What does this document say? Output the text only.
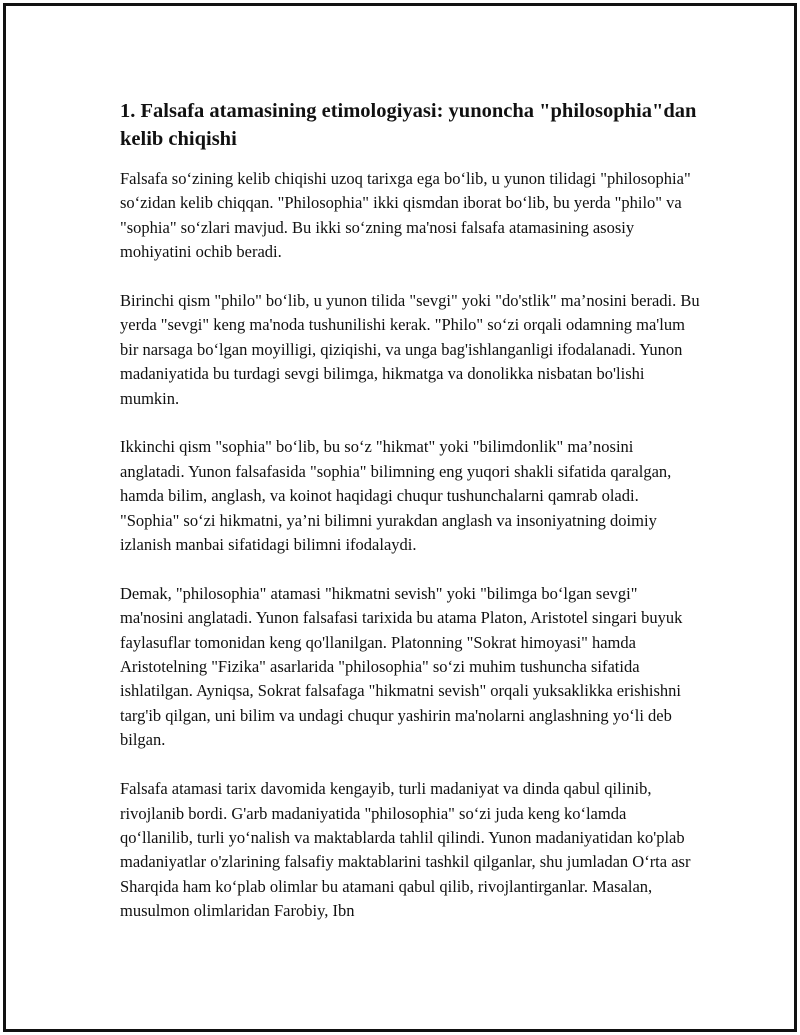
1. Falsafa atamasining etimologiyasi: yunoncha "philosophia"dan kelib chiqishi

Falsafa so‘zining kelib chiqishi uzoq tarixga ega bo‘lib, u yunon tilidagi "philosophia" so‘zidan kelib chiqqan. "Philosophia" ikki qismdan iborat bo‘lib, bu yerda "philo" va "sophia" so‘zlari mavjud. Bu ikki so‘zning ma'nosi falsafa atamasining asosiy mohiyatini ochib beradi.

Birinchi qism "philo" bo‘lib, u yunon tilida "sevgi" yoki "do'stlik" ma’nosini beradi. Bu yerda "sevgi" keng ma'noda tushunilishi kerak. "Philo" so‘zi orqali odamning ma'lum bir narsaga bo‘lgan moyilligi, qiziqishi, va unga bag'ishlanganligi ifodalanadi. Yunon madaniyatida bu turdagi sevgi bilimga, hikmatga va donolikka nisbatan bo'lishi mumkin.

Ikkinchi qism "sophia" bo‘lib, bu so‘z "hikmat" yoki "bilimdonlik" ma’nosini anglatadi. Yunon falsafasida "sophia" bilimning eng yuqori shakli sifatida qaralgan, hamda bilim, anglash, va koinot haqidagi chuqur tushunchalarni qamrab oladi. "Sophia" so‘zi hikmatni, ya’ni bilimni yurakdan anglash va insoniyatning doimiy izlanish manbai sifatidagi bilimni ifodalaydi.

Demak, "philosophia" atamasi "hikmatni sevish" yoki "bilimga bo‘lgan sevgi" ma'nosini anglatadi. Yunon falsafasi tarixida bu atama Platon, Aristotel singari buyuk faylasuflar tomonidan keng qo'llanilgan. Platonning "Sokrat himoyasi" hamda Aristotelning "Fizika" asarlarida "philosophia" so‘zi muhim tushuncha sifatida ishlatilgan. Ayniqsa, Sokrat falsafaga "hikmatni sevish" orqali yuksaklikka erishishni targ'ib qilgan, uni bilim va undagi chuqur yashirin ma'nolarni anglashning yo‘li deb bilgan.

Falsafa atamasi tarix davomida kengayib, turli madaniyat va dinda qabul qilinib, rivojlanib bordi. G'arb madaniyatida "philosophia" so‘zi juda keng ko‘lamda qo‘llanilib, turli yo‘nalish va maktablarda tahlil qilindi. Yunon madaniyatidan ko'plab madaniyatlar o'zlarining falsafiy maktablarini tashkil qilganlar, shu jumladan O‘rta asr Sharqida ham ko‘plab olimlar bu atamani qabul qilib, rivojlantirganlar. Masalan, musulmon olimlaridan Farobiy, Ibn
